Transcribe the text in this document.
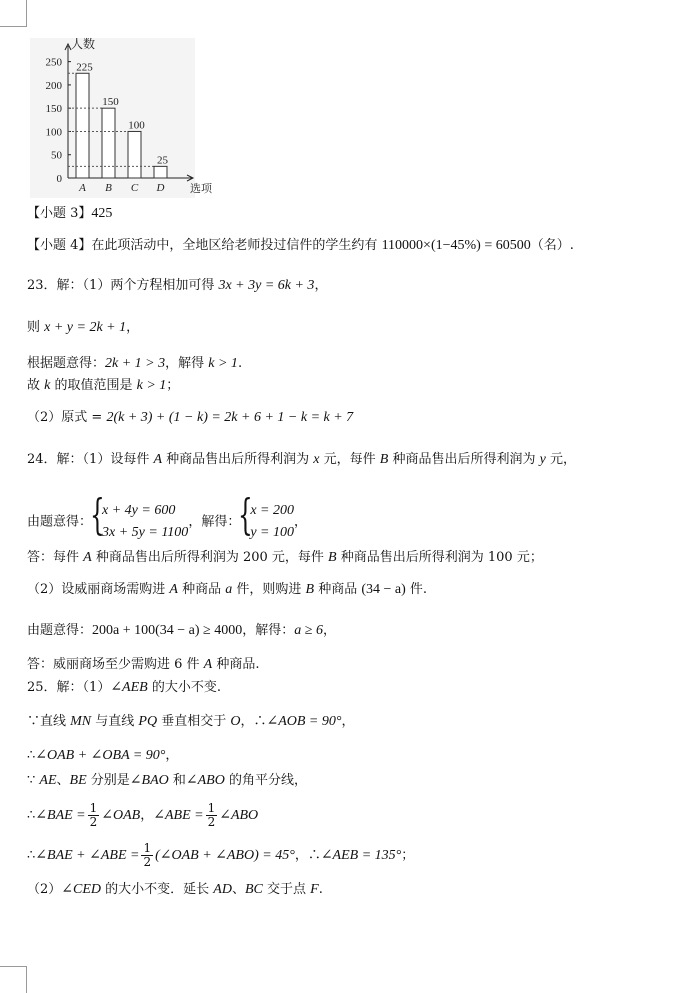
人数
选项
0
50
100
150
200
250 225
A
150
B
100
C
25
D
【小题 3】425
【小题 4】在此项活动中，全地区给老师投过信件的学生约有 110000×(1−45%) = 60500（名）.
23．解：（1）两个方程相加可得 3x + 3y = 6k + 3，
则 x + y = 2k + 1，
根据题意得：2k + 1 > 3，解得 k > 1.
故 k 的取值范围是 k > 1；
（2）原式 = 2(k + 3) + (1 − k) = 2k + 6 + 1 − k = k + 7
24．解：（1）设每件 A 种商品售出后所得利润为 x 元，每件 B 种商品售出后所得利润为 y 元，
由题意得：
{
x + 4y = 600
3x + 5y = 1100
，解得：
{
x = 200
y = 100
，
答：每件 A 种商品售出后所得利润为 200 元，每件 B 种商品售出后所得利润为 100 元；
（2）设威丽商场需购进 A 种商品 a 件，则购进 B 种商品 (34 − a) 件.
由题意得：200a + 100(34 − a) ≥ 4000，解得：a ≥ 6，
答：威丽商场至少需购进 6 件 A 种商品.
25．解：（1）∠AEB 的大小不变.
∵直线 MN 与直线 PQ 垂直相交于 O，∴∠AOB = 90°，
∴∠OAB + ∠OBA = 90°，
∵ AE、BE 分别是∠BAO 和∠ABO 的角平分线，
∴∠BAE = $\frac{1}{2}$ ∠OAB，∠ABE = $\frac{1}{2}$ ∠ABO
∴∠BAE + ∠ABE = $\frac{1}{2}$ (∠OAB + ∠ABO) = 45°，∴∠AEB = 135°；
（2）∠CED 的大小不变．延长 AD、BC 交于点 F.
